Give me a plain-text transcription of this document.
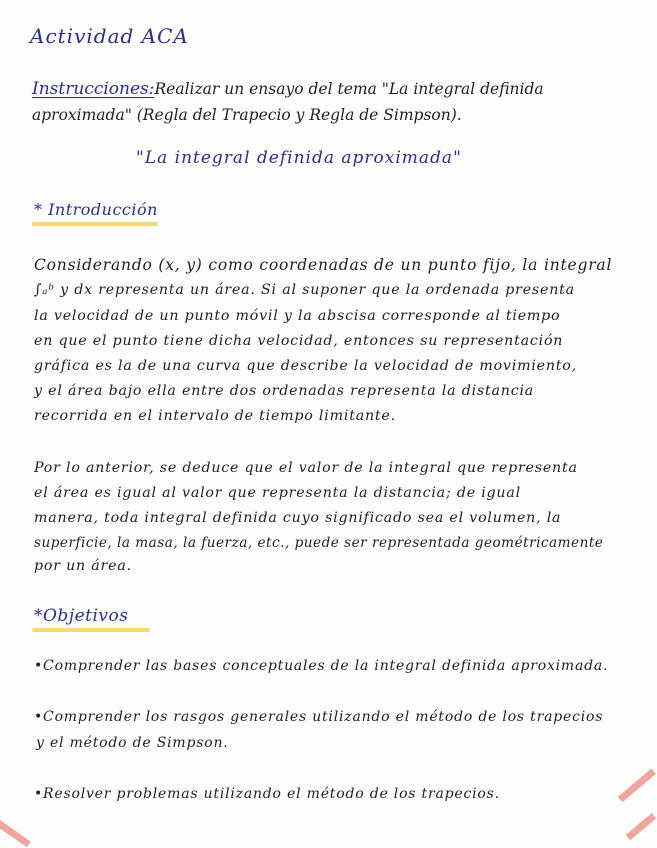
Actividad ACA
Instrucciones:Realizar un ensayo del tema "La integral definida
aproximada" (Regla del Trapecio y Regla de Simpson).
"La integral definida aproximada"
* Introducción
Considerando (x, y) como coordenadas de un punto fijo, la integral
∫ₐᵇ y dx representa un área. Si al suponer que la ordenada presenta
la velocidad de un punto móvil y la abscisa corresponde al tiempo
en que el punto tiene dicha velocidad, entonces su representación
gráfica es la de una curva que describe la velocidad de movimiento,
y el área bajo ella entre dos ordenadas representa la distancia
recorrida en el intervalo de tiempo limitante.
Por lo anterior, se deduce que el valor de la integral que representa
el área es igual al valor que representa la distancia; de igual
manera, toda integral definida cuyo significado sea el volumen, la
superficie, la masa, la fuerza, etc., puede ser representada geométricamente
por un área.
*Objetivos
•Comprender las bases conceptuales de la integral definida aproximada.
•Comprender los rasgos generales utilizando el método de los trapecios
y el método de Simpson.
•Resolver problemas utilizando el método de los trapecios.
